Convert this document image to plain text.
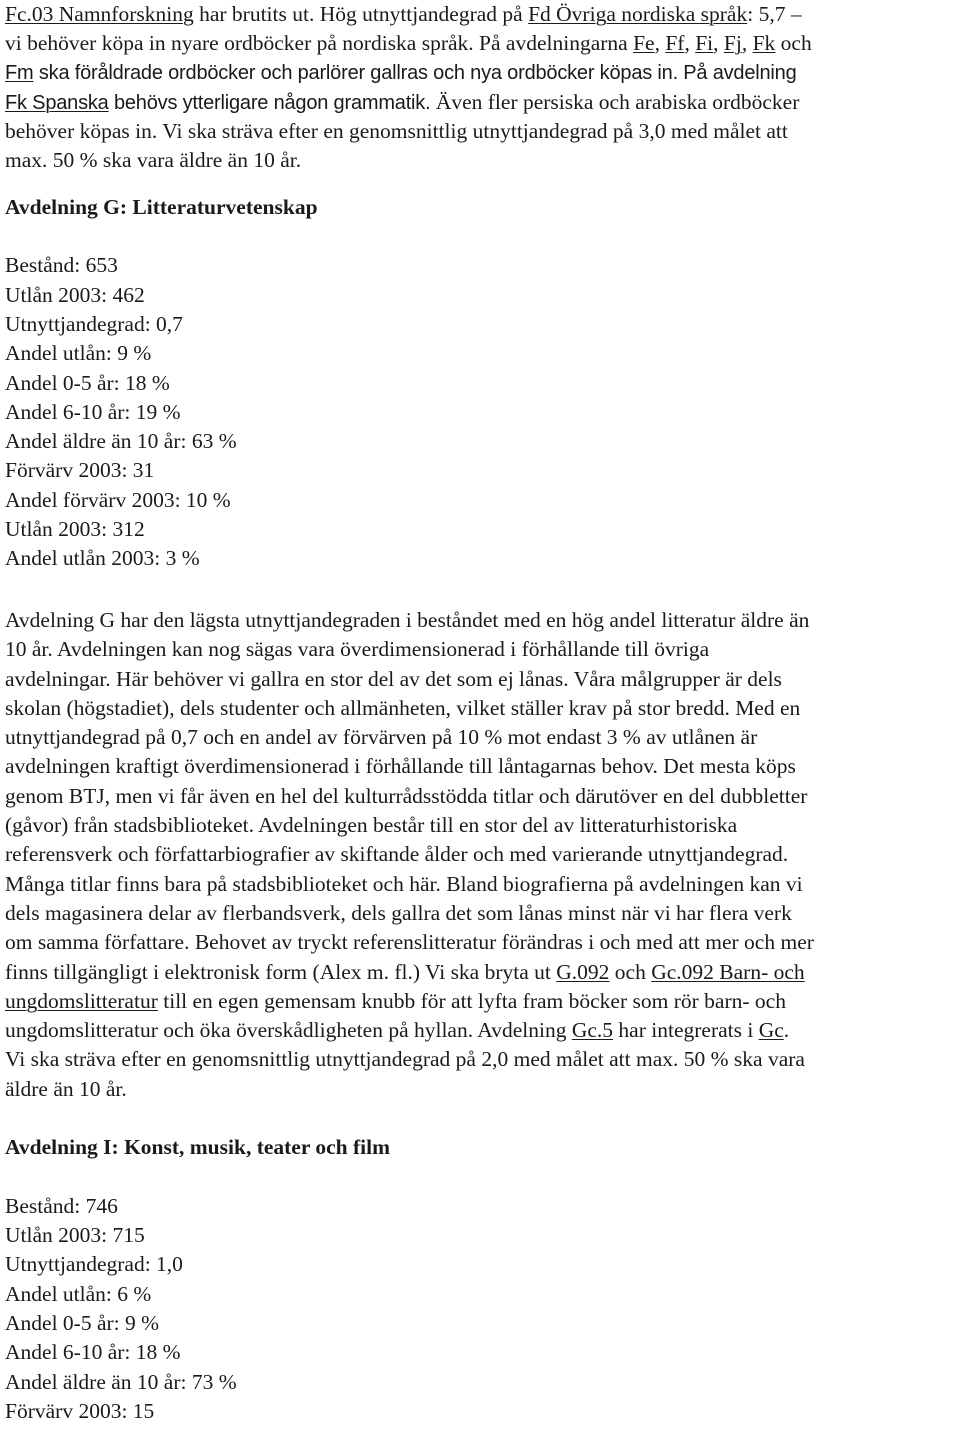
Fc.03 Namnforskning har brutits ut. Hög utnyttjandegrad på Fd Övriga nordiska språk: 5,7 –
vi behöver köpa in nyare ordböcker på nordiska språk. På avdelningarna Fe, Ff, Fi, Fj, Fk och
Fm ska föråldrade ordböcker och parlörer gallras och nya ordböcker köpas in. På avdelning
Fk Spanska behövs ytterligare någon grammatik. Även fler persiska och arabiska ordböcker
behöver köpas in. Vi ska sträva efter en genomsnittlig utnyttjandegrad på 3,0 med målet att
max. 50 % ska vara äldre än 10 år.
Avdelning G: Litteraturvetenskap
Bestånd: 653
Utlån 2003: 462
Utnyttjandegrad: 0,7
Andel utlån: 9 %
Andel 0-5 år: 18 %
Andel 6-10 år: 19 %
Andel äldre än 10 år: 63 %
Förvärv 2003: 31
Andel förvärv 2003: 10 %
Utlån 2003: 312
Andel utlån 2003: 3 %
Avdelning G har den lägsta utnyttjandegraden i beståndet med en hög andel litteratur äldre än
10 år. Avdelningen kan nog sägas vara överdimensionerad i förhållande till övriga
avdelningar. Här behöver vi gallra en stor del av det som ej lånas. Våra målgrupper är dels
skolan (högstadiet), dels studenter och allmänheten, vilket ställer krav på stor bredd. Med en
utnyttjandegrad på 0,7 och en andel av förvärven på 10 % mot endast 3 % av utlånen är
avdelningen kraftigt överdimensionerad i förhållande till låntagarnas behov. Det mesta köps
genom BTJ, men vi får även en hel del kulturrådsstödda titlar och därutöver en del dubbletter
(gåvor) från stadsbiblioteket. Avdelningen består till en stor del av litteraturhistoriska
referensverk och författarbiografier av skiftande ålder och med varierande utnyttjandegrad.
Många titlar finns bara på stadsbiblioteket och här. Bland biografierna på avdelningen kan vi
dels magasinera delar av flerbandsverk, dels gallra det som lånas minst när vi har flera verk
om samma författare. Behovet av tryckt referenslitteratur förändras i och med att mer och mer
finns tillgängligt i elektronisk form (Alex m. fl.) Vi ska bryta ut G.092 och Gc.092 Barn- och
ungdomslitteratur till en egen gemensam knubb för att lyfta fram böcker som rör barn- och
ungdomslitteratur och öka överskådligheten på hyllan. Avdelning Gc.5 har integrerats i Gc.
Vi ska sträva efter en genomsnittlig utnyttjandegrad på 2,0 med målet att max. 50 % ska vara
äldre än 10 år.
Avdelning I: Konst, musik, teater och film
Bestånd: 746
Utlån 2003: 715
Utnyttjandegrad: 1,0
Andel utlån: 6 %
Andel 0-5 år: 9 %
Andel 6-10 år: 18 %
Andel äldre än 10 år: 73 %
Förvärv 2003: 15
